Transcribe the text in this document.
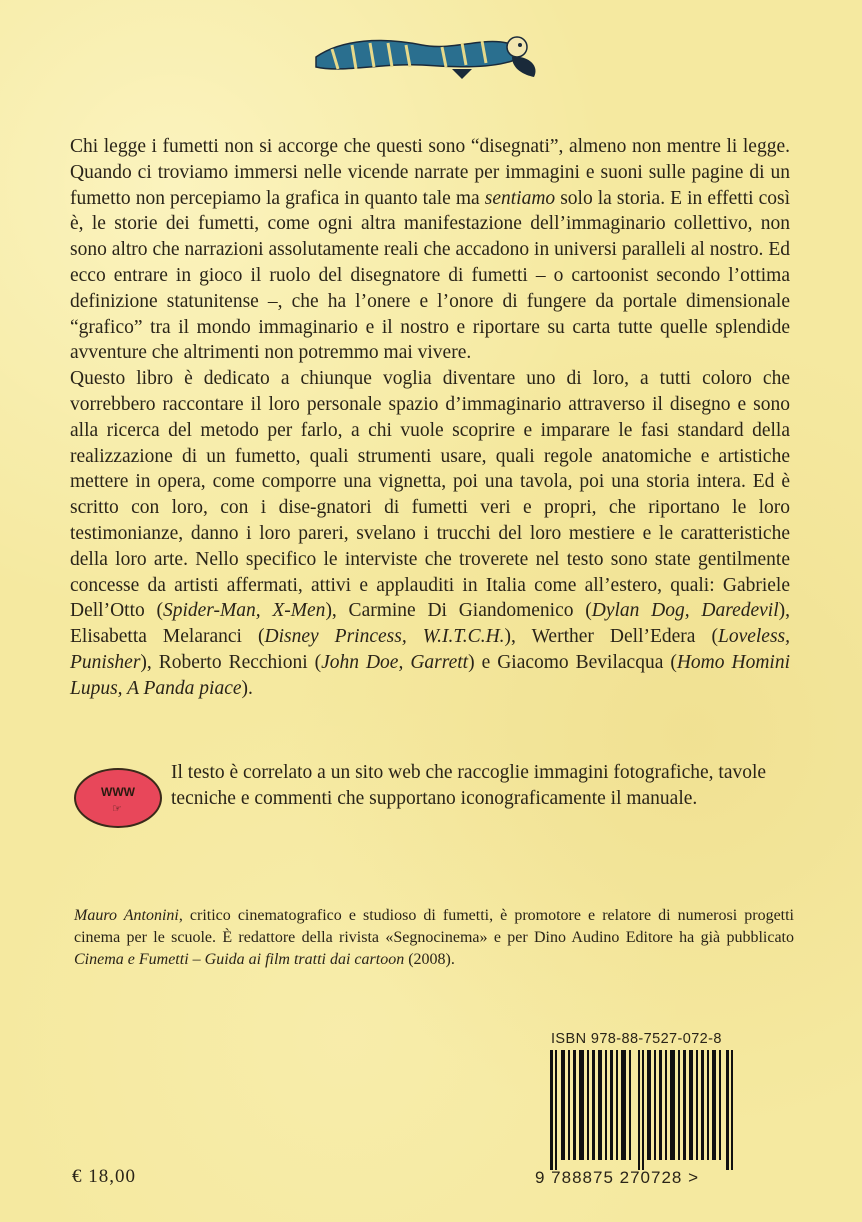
Chi legge i fumetti non si accorge che questi sono “disegnati”, almeno non mentre li legge. Quando ci troviamo immersi nelle vicende narrate per immagini e suoni sulle pagine di un fumetto non percepiamo la grafica in quanto tale ma sentiamo solo la storia. E in effetti così è, le storie dei fumetti, come ogni altra manifestazione dell’immaginario collettivo, non sono altro che narrazioni assolutamente reali che accadono in universi paralleli al nostro. Ed ecco entrare in gioco il ruolo del disegnatore di fumetti – o cartoonist secondo l’ottima definizione statunitense –, che ha l’onere e l’onore di fungere da portale dimensionale “grafico” tra il mondo immaginario e il nostro e riportare su carta tutte quelle splendide avventure che altrimenti non potremmo mai vivere.

Questo libro è dedicato a chiunque voglia diventare uno di loro, a tutti coloro che vorrebbero raccontare il loro personale spazio d’immaginario attraverso il disegno e sono alla ricerca del metodo per farlo, a chi vuole scoprire e imparare le fasi standard della realizzazione di un fumetto, quali strumenti usare, quali regole anatomiche e artistiche mettere in opera, come comporre una vignetta, poi una tavola, poi una storia intera. Ed è scritto con loro, con i dise-gnatori di fumetti veri e propri, che riportano le loro testimonianze, danno i loro pareri, svelano i trucchi del loro mestiere e le caratteristiche della loro arte. Nello specifico le interviste che troverete nel testo sono state gentilmente concesse da artisti affermati, attivi e applauditi in Italia come all’estero, quali: Gabriele Dell’Otto (Spider-Man, X-Men), Carmine Di Giandomenico (Dylan Dog, Daredevil), Elisabetta Melaranci (Disney Princess, W.I.T.C.H.), Werther Dell’Edera (Loveless, Punisher), Roberto Recchioni (John Doe, Garrett) e Giacomo Bevilacqua (Homo Homini Lupus, A Panda piace).

WWW
☞
Il testo è correlato a un sito web che raccoglie immagini fotografiche, tavole tecniche e commenti che supportano iconograficamente il manuale.

Mauro Antonini, critico cinematografico e studioso di fumetti, è promotore e relatore di numerosi progetti cinema per le scuole. È redattore della rivista «Segnocinema» e per Dino Audino Editore ha già pubblicato Cinema e Fumetti – Guida ai film tratti dai cartoon (2008).

ISBN 978-88-7527-072-8
9 788875 270728 >
€ 18,00
